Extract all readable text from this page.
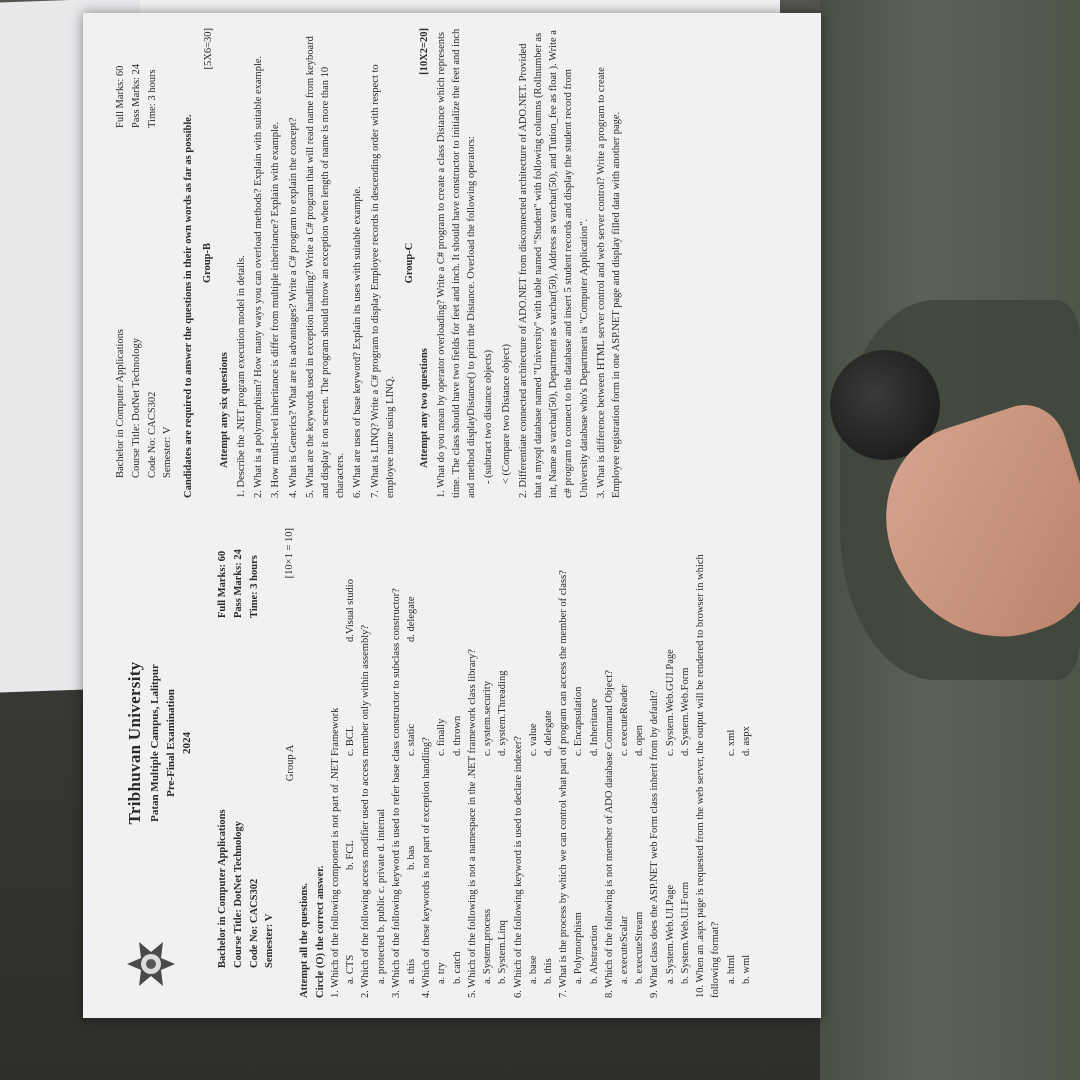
Tribhuvan University Patan Multiple Campus, Lalitpur Pre-Final Examination 2024
Bachelor in Computer Applications Course Title: DotNet Technology Code No: CACS302 Semester: V
Full Marks: 60 Pass Marks: 24 Time: 3 hours
Group A
[10×1 = 10]
Attempt all the questions. Circle (O) the correct answer. 1. Which of the following component is not part of .NET Framework a. CTS
b. FCL
c. BCL
d.Visual studio
2. Which of the following access modifier used to access member only within assembly? a. protected b. public c. private d. internal 3. Which of the following keyword is used to refer base class constructor to subclass constructor? a. this
b. bas
c. static
d. delegate
4. Which of these keywords is not part of exception handling? a. try
c. finally
b. catch
d. thrown 5. Which of the following is not a namespace in the .NET framework class library? a. System.process
c. system.security
b. System.Linq
d. system.Threading
6. Which of the following keyword is used to declare indexer? a. base
c. value
b. this
d. delegate 7. What is the process by which we can control what part of program can access the member of class? a. Polymorphism
c. Encapsulation
b. Abstraction
d. Inheritance 8. Which of the following is not member of ADO database Command Object? a. executeScalar
c. executeReader
b. executeStream
d. open 9. What class does the ASP.NET web Form class inherit from by default? a. System.Web.UI.Page
c. System.Web.GUI.Page
b. System.Web.UI.Form
d. System.Web.Form 10. When an .aspx page is requested from the web server, the output will be rendered to browser in which following format? a. html
c. xml
b. wml
d. aspx
Bachelor in Computer Applications Course Title: DotNet Technology Code No: CACS302 Semester: V
Full Marks: 60 Pass Marks: 24 Time: 3 hours
Candidates are required to answer the questions in their own words as far as possible. Group-B
[5X6=30]
Attempt any six questions 1. Describe the .NET program execution model in details. 2. What is a polymorphism? How many ways you can overload methods? Explain with suitable example. 3. How multi-level inheritance is differ from multiple inheritance? Explain with example. 4. What is Generics? What are its advantages? Write a C# program to explain the concept? 5. What are the keywords used in exception handling? Write a C# program that will read name from keyboard and display it on screen. The program should throw an exception when length of name is more than 10 characters. 6. What are uses of base keyword? Explain its uses with suitable example. 7. What is LINQ? Write a C# program to display Employee records in descending order with respect to employee name using LINQ.
Group-C
Attempt any two questions
[10X2=20] 1. What do you mean by operator overloading? Write a C# program to create a class Distance which represents time. The class should have two fields for feet and inch. It should have constructor to initialize the feet and inch and method displayDistance() to print the Distance. Overload the following operators: - (subtract two distance objects) < (Compare two Distance object) 2. Differentiate connected architecture of ADO.NET from disconnected architecture of ADO.NET. Provided that a mysql database named "University" with table named "Student" with following columns (Rollnumber as int, Name as varchar(50), Department as varchar(50), Address as varchar(50), and Tution_fee as float ). Write a c# program to connect to the database and insert 5 student records and display the student record from University database who's Department is "Computer Application". 3. What is difference between HTML server control and web server control? Write a program to create Employee registration form in one ASP.NET page and display filled data with another page.
